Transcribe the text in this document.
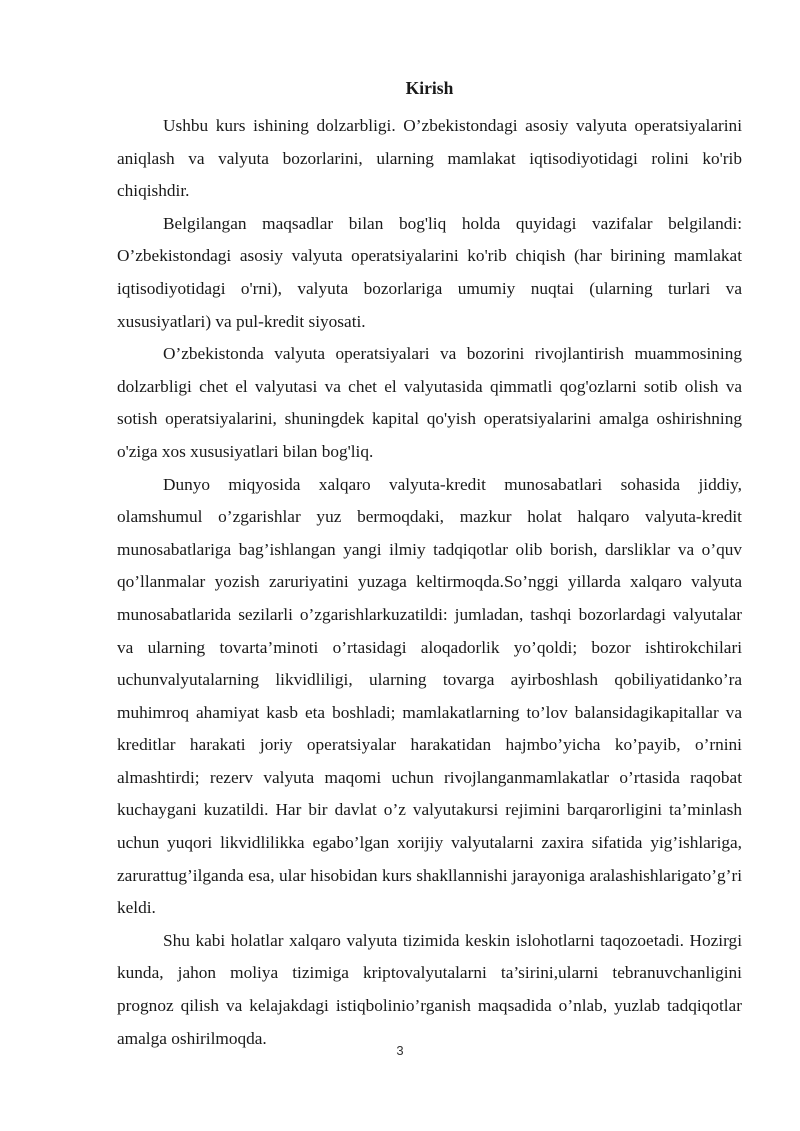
Kirish

Ushbu kurs ishining dolzarbligi. O’zbekistondagi asosiy valyuta operatsiyalarini aniqlash va valyuta bozorlarini, ularning mamlakat iqtisodiyotidagi rolini ko'rib chiqishdir.

Belgilangan maqsadlar bilan bog'liq holda quyidagi vazifalar belgilandi: O’zbekistondagi asosiy valyuta operatsiyalarini ko'rib chiqish (har birining mamlakat iqtisodiyotidagi o'rni), valyuta bozorlariga umumiy nuqtai (ularning turlari va xususiyatlari) va pul-kredit siyosati.

O’zbekistonda valyuta operatsiyalari va bozorini rivojlantirish muammosining dolzarbligi chet el valyutasi va chet el valyutasida qimmatli qog'ozlarni sotib olish va sotish operatsiyalarini, shuningdek kapital qo'yish operatsiyalarini amalga oshirishning o'ziga xos xususiyatlari bilan bog'liq.

Dunyo miqyosida xalqaro valyuta-kredit munosabatlari sohasida jiddiy, olamshumul o’zgarishlar yuz bermoqdaki, mazkur holat halqaro valyuta-kredit munosabatlariga bag’ishlangan yangi ilmiy tadqiqotlar olib borish, darsliklar va o’quv qo’llanmalar yozish zaruriyatini yuzaga keltirmoqda.So’nggi yillarda xalqaro valyuta munosabatlarida sezilarli o’zgarishlarkuzatildi: jumladan, tashqi bozorlardagi valyutalar va ularning tovarta’minoti o’rtasidagi aloqadorlik yo’qoldi; bozor ishtirokchilari uchunvalyutalarning likvidliligi, ularning tovarga ayirboshlash qobiliyatidanko’ra muhimroq ahamiyat kasb eta boshladi; mamlakatlarning to’lov balansidagikapitallar va kreditlar harakati joriy operatsiyalar harakatidan hajmbo’yicha ko’payib, o’rnini almashtirdi; rezerv valyuta maqomi uchun rivojlanganmamlakatlar o’rtasida raqobat kuchaygani kuzatildi. Har bir davlat o’z valyutakursi rejimini barqarorligini ta’minlash uchun yuqori likvidlilikka egabo’lgan xorijiy valyutalarni zaxira sifatida yig’ishlariga, zarurattug’ilganda esa, ular hisobidan kurs shakllannishi jarayoniga aralashishlarigato’g’ri keldi.

Shu kabi holatlar xalqaro valyuta tizimida keskin islohotlarni taqozoetadi. Hozirgi kunda, jahon moliya tizimiga kriptovalyutalarni ta’sirini,ularni tebranuvchanligini prognoz qilish va kelajakdagi istiqbolinio’rganish maqsadida o’nlab, yuzlab tadqiqotlar amalga oshirilmoqda.

3
